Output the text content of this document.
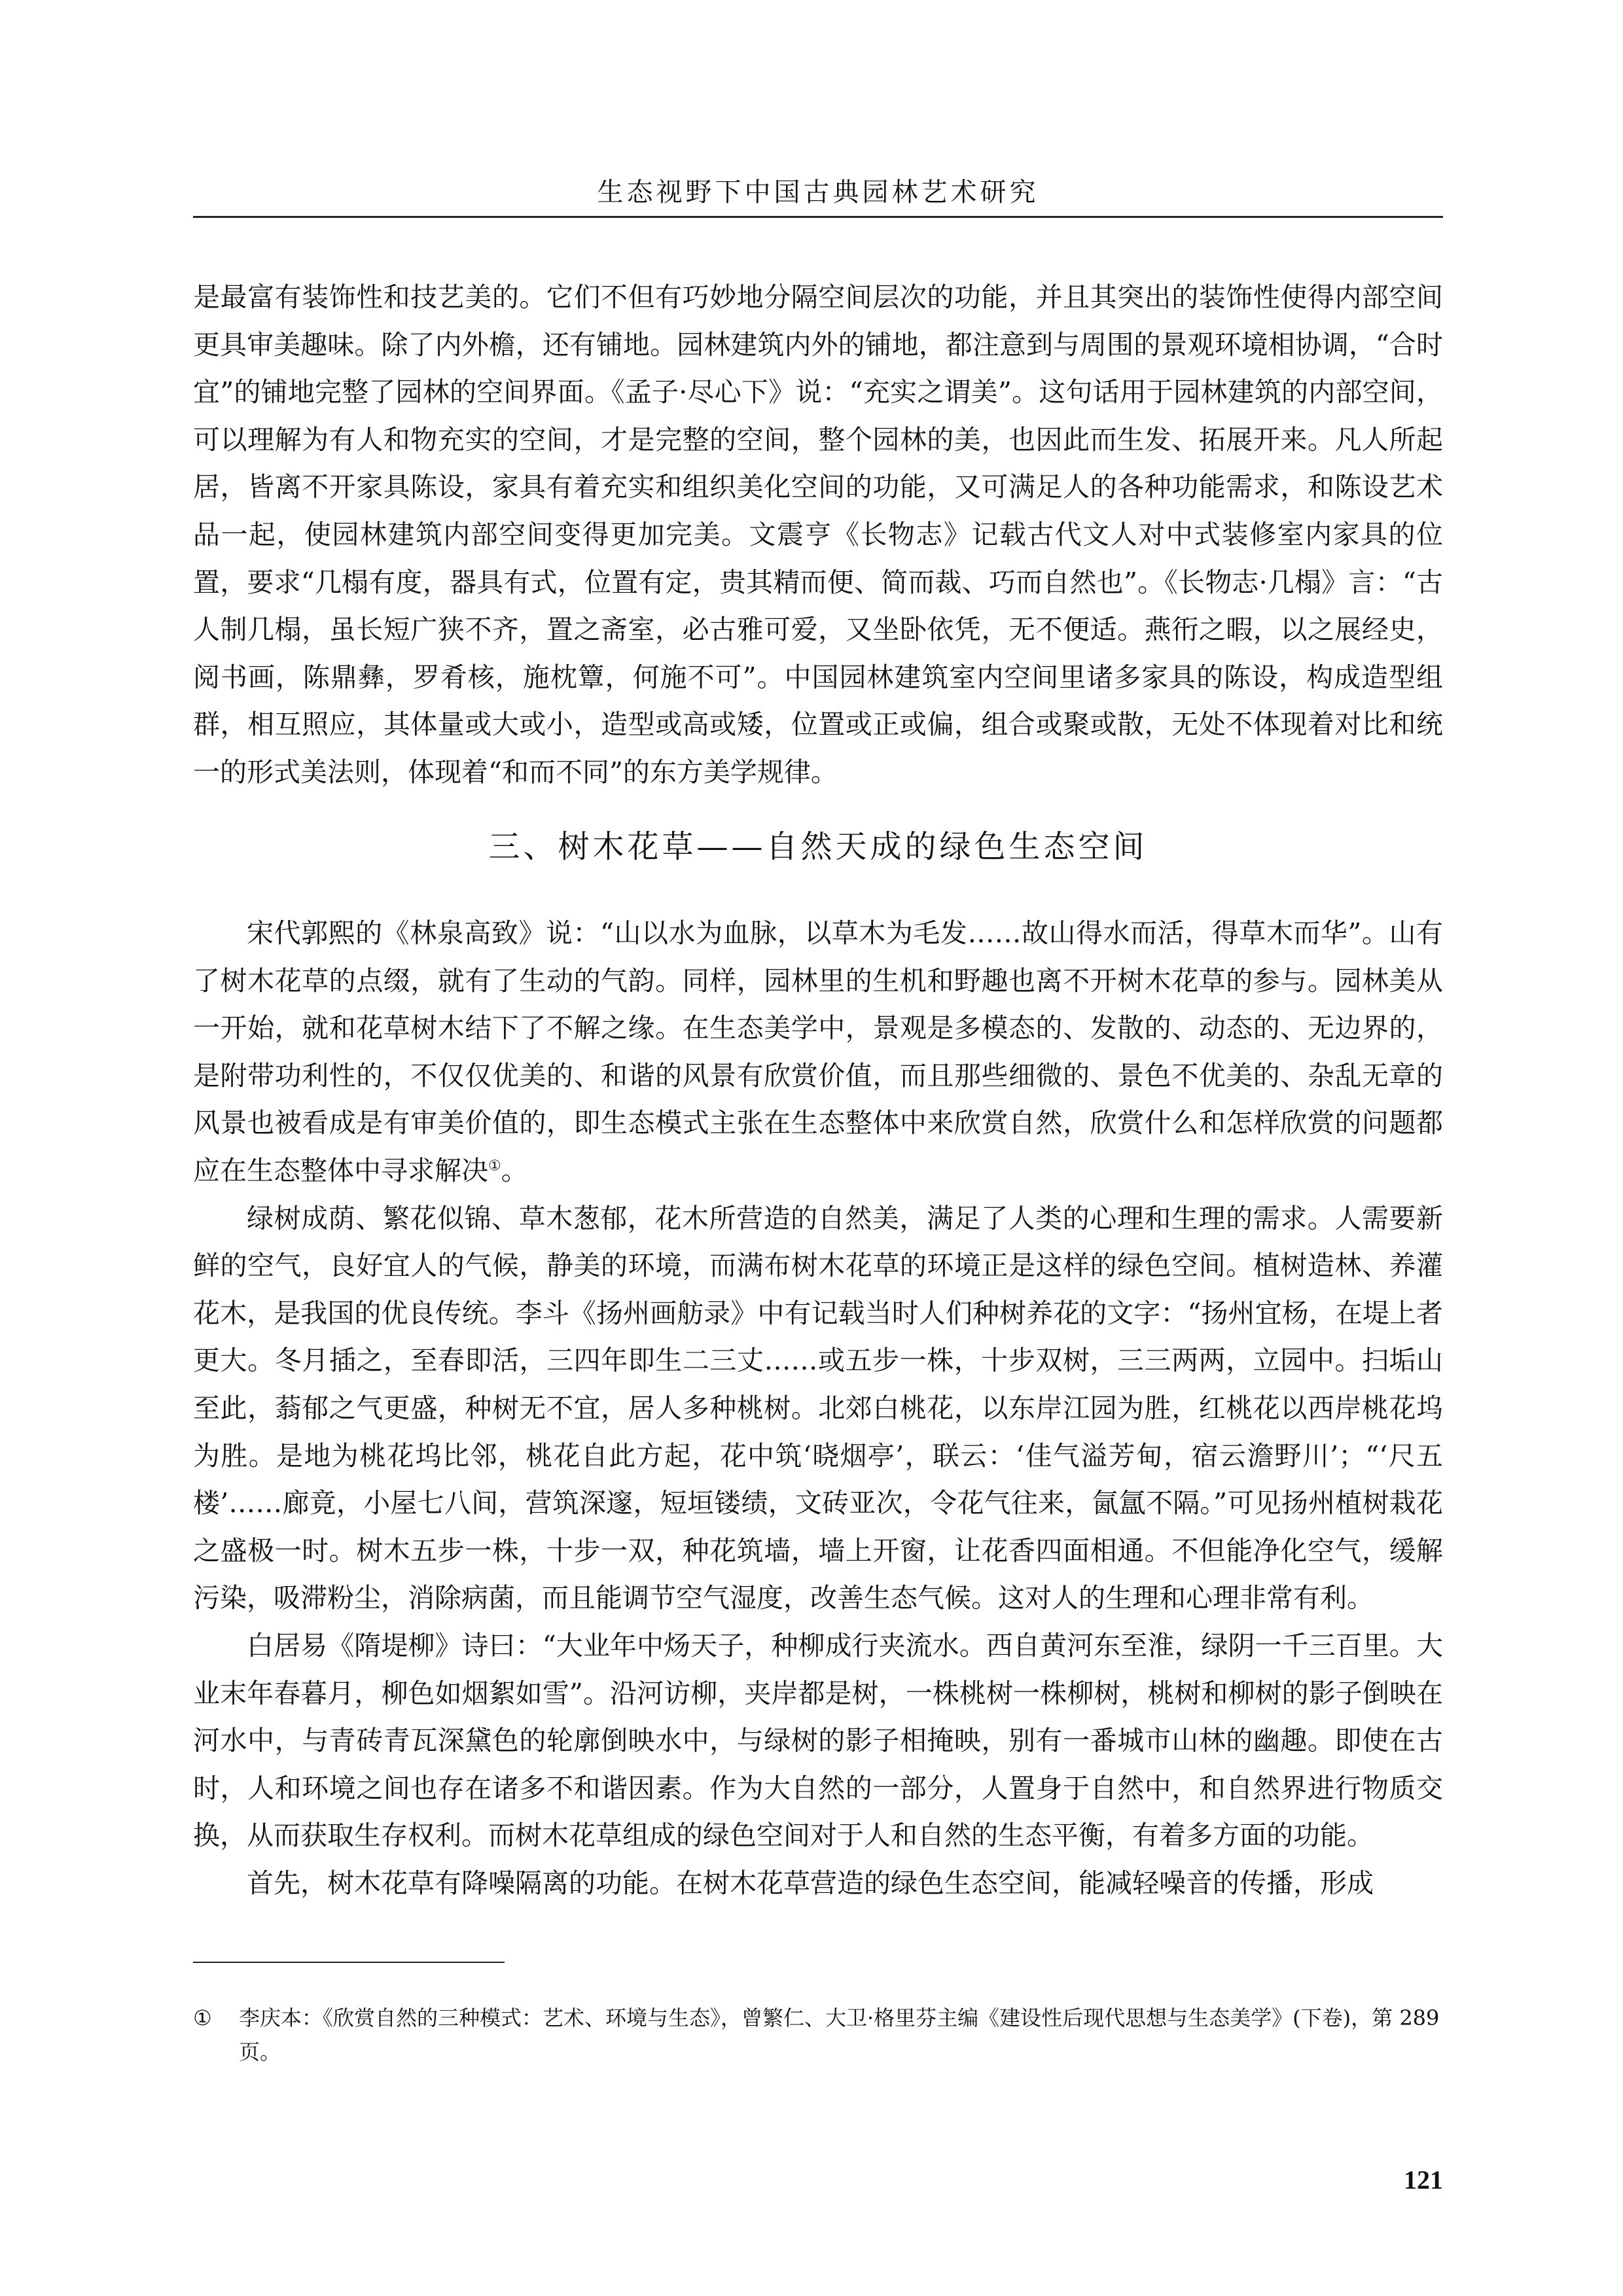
生态视野下中国古典园林艺术研究

是最富有装饰性和技艺美的。它们不但有巧妙地分隔空间层次的功能，并且其突出的装饰性使得内部空间更具审美趣味。除了内外檐，还有铺地。园林建筑内外的铺地，都注意到与周围的景观环境相协调，“合时宜”的铺地完整了园林的空间界面。《孟子·尽心下》说：“充实之谓美”。这句话用于园林建筑的内部空间，可以理解为有人和物充实的空间，才是完整的空间，整个园林的美，也因此而生发、拓展开来。凡人所起居，皆离不开家具陈设，家具有着充实和组织美化空间的功能，又可满足人的各种功能需求，和陈设艺术品一起，使园林建筑内部空间变得更加完美。文震亨《长物志》记载古代文人对中式装修室内家具的位置，要求“几榻有度，器具有式，位置有定，贵其精而便、简而裁、巧而自然也”。《长物志·几榻》言：“古人制几榻，虽长短广狭不齐，置之斋室，必古雅可爱，又坐卧依凭，无不便适。燕衎之暇，以之展经史，阅书画，陈鼎彝，罗肴核，施枕簟，何施不可”。中国园林建筑室内空间里诸多家具的陈设，构成造型组群，相互照应，其体量或大或小，造型或高或矮，位置或正或偏，组合或聚或散，无处不体现着对比和统一的形式美法则，体现着“和而不同”的东方美学规律。

三、树木花草——自然天成的绿色生态空间

宋代郭熙的《林泉高致》说：“山以水为血脉，以草木为毛发……故山得水而活，得草木而华”。山有了树木花草的点缀，就有了生动的气韵。同样，园林里的生机和野趣也离不开树木花草的参与。园林美从一开始，就和花草树木结下了不解之缘。在生态美学中，景观是多模态的、发散的、动态的、无边界的，是附带功利性的，不仅仅优美的、和谐的风景有欣赏价值，而且那些细微的、景色不优美的、杂乱无章的风景也被看成是有审美价值的，即生态模式主张在生态整体中来欣赏自然，欣赏什么和怎样欣赏的问题都应在生态整体中寻求解决①。

绿树成荫、繁花似锦、草木葱郁，花木所营造的自然美，满足了人类的心理和生理的需求。人需要新鲜的空气，良好宜人的气候，静美的环境，而满布树木花草的环境正是这样的绿色空间。植树造林、养灌花木，是我国的优良传统。李斗《扬州画舫录》中有记载当时人们种树养花的文字：“扬州宜杨，在堤上者更大。冬月插之，至春即活，三四年即生二三丈……或五步一株，十步双树，三三两两，立园中。扫垢山至此，蓊郁之气更盛，种树无不宜，居人多种桃树。北郊白桃花，以东岸江园为胜，红桃花以西岸桃花坞为胜。是地为桃花坞比邻，桃花自此方起，花中筑‘晓烟亭’，联云：‘佳气溢芳甸，宿云澹野川’；“‘尺五楼’……廊竟，小屋七八间，营筑深邃，短垣镂绩，文砖亚次，令花气往来，氤氲不隔。”可见扬州植树栽花之盛极一时。树木五步一株，十步一双，种花筑墙，墙上开窗，让花香四面相通。不但能净化空气，缓解污染，吸滞粉尘，消除病菌，而且能调节空气湿度，改善生态气候。这对人的生理和心理非常有利。

白居易《隋堤柳》诗曰：“大业年中炀天子，种柳成行夹流水。西自黄河东至淮，绿阴一千三百里。大业末年春暮月，柳色如烟絮如雪”。沿河访柳，夹岸都是树，一株桃树一株柳树，桃树和柳树的影子倒映在河水中，与青砖青瓦深黛色的轮廓倒映水中，与绿树的影子相掩映，别有一番城市山林的幽趣。即使在古时，人和环境之间也存在诸多不和谐因素。作为大自然的一部分，人置身于自然中，和自然界进行物质交换，从而获取生存权利。而树木花草组成的绿色空间对于人和自然的生态平衡，有着多方面的功能。

首先，树木花草有降噪隔离的功能。在树木花草营造的绿色生态空间，能减轻噪音的传播，形成

① 李庆本：《欣赏自然的三种模式：艺术、环境与生态》，曾繁仁、大卫·格里芬主编《建设性后现代思想与生态美学》(下卷)，第 289 页。
121
